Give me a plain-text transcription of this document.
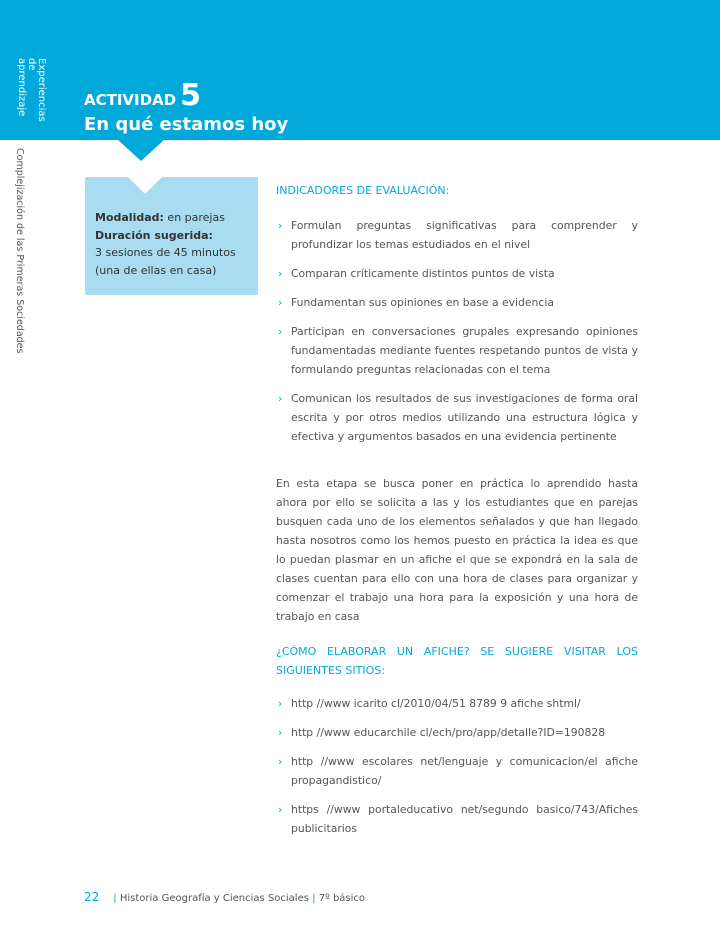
Experiencias de aprendizaje
Complejización de las Primeras Sociedades
ACTIVIDAD 5
En qué estamos hoy
Modalidad: en parejas
Duración sugerida:
3 sesiones de 45 minutos
(una de ellas en casa)
INDICADORES DE EVALUACIÓN:
› Formulan preguntas significativas para comprender y profundizar los temas estudiados en el nivel
› Comparan críticamente distintos puntos de vista
› Fundamentan sus opiniones en base a evidencia
› Participan en conversaciones grupales expresando opiniones fundamentadas mediante fuentes respetando puntos de vista y formulando preguntas relacionadas con el tema
› Comunican los resultados de sus investigaciones de forma oral escrita y por otros medios utilizando una estructura lógica y efectiva y argumentos basados en una evidencia pertinente

En esta etapa se busca poner en práctica lo aprendido hasta ahora por ello se solicita a las y los estudiantes que en parejas busquen cada uno de los elementos señalados y que han llegado hasta nosotros como los hemos puesto en práctica la idea es que lo puedan plasmar en un afiche el que se expondrá en la sala de clases cuentan para ello con una hora de clases para organizar y comenzar el trabajo una hora para la exposición y una hora de trabajo en casa

¿CÓMO ELABORAR UN AFICHE? SE SUGIERE VISITAR LOS SIGUIENTES SITIOS:
› http //www icarito cl/2010/04/51 8789 9 afiche shtml/
› http //www educarchile cl/ech/pro/app/detalle?ID=190828
› http //www escolares net/lenguaje y comunicacion/el afiche propagandistico/
› https //www portaleducativo net/segundo basico/743/Afiches publicitarios
22 | Historia Geografía y Ciencias Sociales | 7º básico
